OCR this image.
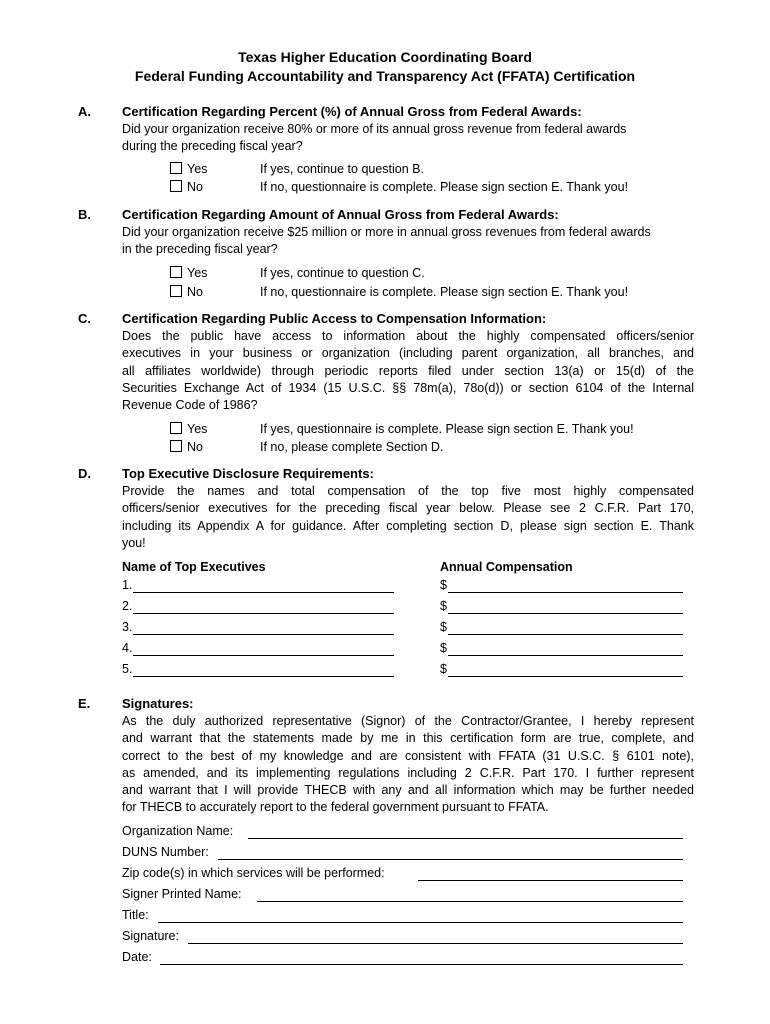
Texas Higher Education Coordinating Board
Federal Funding Accountability and Transparency Act (FFATA) Certification
A. Certification Regarding Percent (%) of Annual Gross from Federal Awards:
Did your organization receive 80% or more of its annual gross revenue from federal awards
during the preceding fiscal year?
Yes	If yes, continue to question B.
No	If no, questionnaire is complete. Please sign section E. Thank you!
B. Certification Regarding Amount of Annual Gross from Federal Awards:
Did your organization receive $25 million or more in annual gross revenues from federal awards
in the preceding fiscal year?
Yes	If yes, continue to question C.
No	If no, questionnaire is complete. Please sign section E. Thank you!
C. Certification Regarding Public Access to Compensation Information:
Does the public have access to information about the highly compensated officers/senior
executives in your business or organization (including parent organization, all branches, and
all affiliates worldwide) through periodic reports filed under section 13(a) or 15(d) of the
Securities Exchange Act of 1934 (15 U.S.C. §§ 78m(a), 78o(d)) or section 6104 of the Internal
Revenue Code of 1986?
Yes	If yes, questionnaire is complete. Please sign section E. Thank you!
No	If no, please complete Section D.
D. Top Executive Disclosure Requirements:
Provide the names and total compensation of the top five most highly compensated
officers/senior executives for the preceding fiscal year below. Please see 2 C.F.R. Part 170,
including its Appendix A for guidance. After completing section D, please sign section E. Thank
you!
Name of Top Executives	Annual Compensation
1.	$
2.	$
3.	$
4.	$
5.	$
E. Signatures:
As the duly authorized representative (Signor) of the Contractor/Grantee, I hereby represent
and warrant that the statements made by me in this certification form are true, complete, and
correct to the best of my knowledge and are consistent with FFATA (31 U.S.C. § 6101 note),
as amended, and its implementing regulations including 2 C.F.R. Part 170. I further represent
and warrant that I will provide THECB with any and all information which may be further needed
for THECB to accurately report to the federal government pursuant to FFATA.
Organization Name:
DUNS Number:
Zip code(s) in which services will be performed:
Signer Printed Name:
Title:
Signature:
Date:
